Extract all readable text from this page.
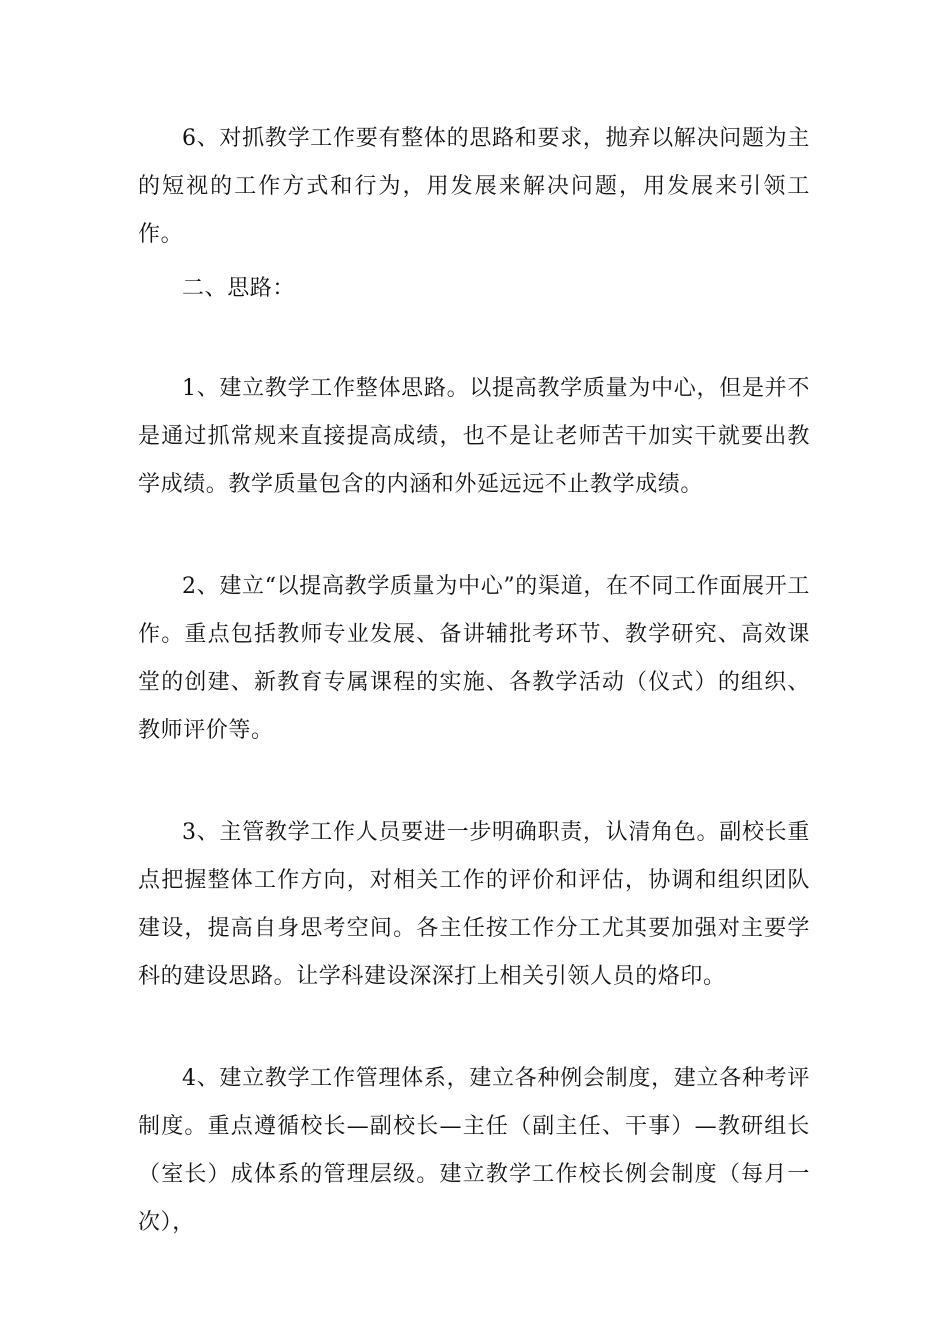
6、对抓教学工作要有整体的思路和要求，抛弃以解决问题为主的短视的工作方式和行为，用发展来解决问题，用发展来引领工作。

二、思路：

1、建立教学工作整体思路。以提高教学质量为中心，但是并不是通过抓常规来直接提高成绩，也不是让老师苦干加实干就要出教学成绩。教学质量包含的内涵和外延远远不止教学成绩。

2、建立“以提高教学质量为中心”的渠道，在不同工作面展开工作。重点包括教师专业发展、备讲辅批考环节、教学研究、高效课堂的创建、新教育专属课程的实施、各教学活动（仪式）的组织、教师评价等。

3、主管教学工作人员要进一步明确职责，认清角色。副校长重点把握整体工作方向，对相关工作的评价和评估，协调和组织团队建设，提高自身思考空间。各主任按工作分工尤其要加强对主要学科的建设思路。让学科建设深深打上相关引领人员的烙印。

4、建立教学工作管理体系，建立各种例会制度，建立各种考评制度。重点遵循校长—副校长—主任（副主任、干事）—教研组长（室长）成体系的管理层级。建立教学工作校长例会制度（每月一次），
